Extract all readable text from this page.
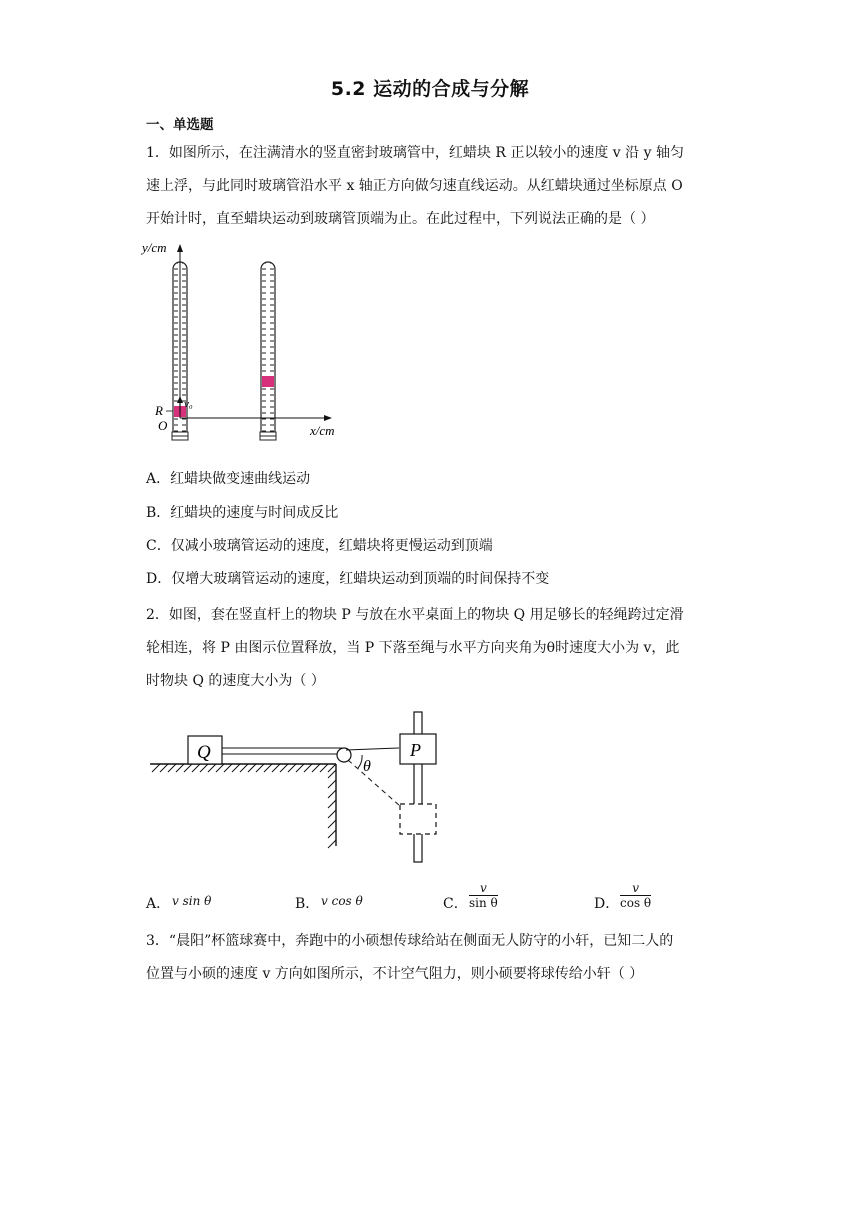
5.2 运动的合成与分解
一、单选题
1．如图所示，在注满清水的竖直密封玻璃管中，红蜡块 R 正以较小的速度 v 沿 y 轴匀
速上浮，与此同时玻璃管沿水平 x 轴正方向做匀速直线运动。从红蜡块通过坐标原点 O
开始计时，直至蜡块运动到玻璃管顶端为止。在此过程中，下列说法正确的是（ ）
y/cm
x/cm
O
R v₀
A．红蜡块做变速曲线运动
B．红蜡块的速度与时间成反比
C．仅减小玻璃管运动的速度，红蜡块将更慢运动到顶端
D．仅增大玻璃管运动的速度，红蜡块运动到顶端的时间保持不变
2．如图，套在竖直杆上的物块 P 与放在水平桌面上的物块 Q 用足够长的轻绳跨过定滑
轮相连，将 P 由图示位置释放，当 P 下落至绳与水平方向夹角为θ时速度大小为 v，此
时物块 Q 的速度大小为（ ）
Q	P
θ
A． v sin θ	B． v cos θ	C．
v
sin θ	D．
v
cos θ
3．“晨阳”杯篮球赛中，奔跑中的小硕想传球给站在侧面无人防守的小轩，已知二人的
位置与小硕的速度 v 方向如图所示，不计空气阻力，则小硕要将球传给小轩（ ）
